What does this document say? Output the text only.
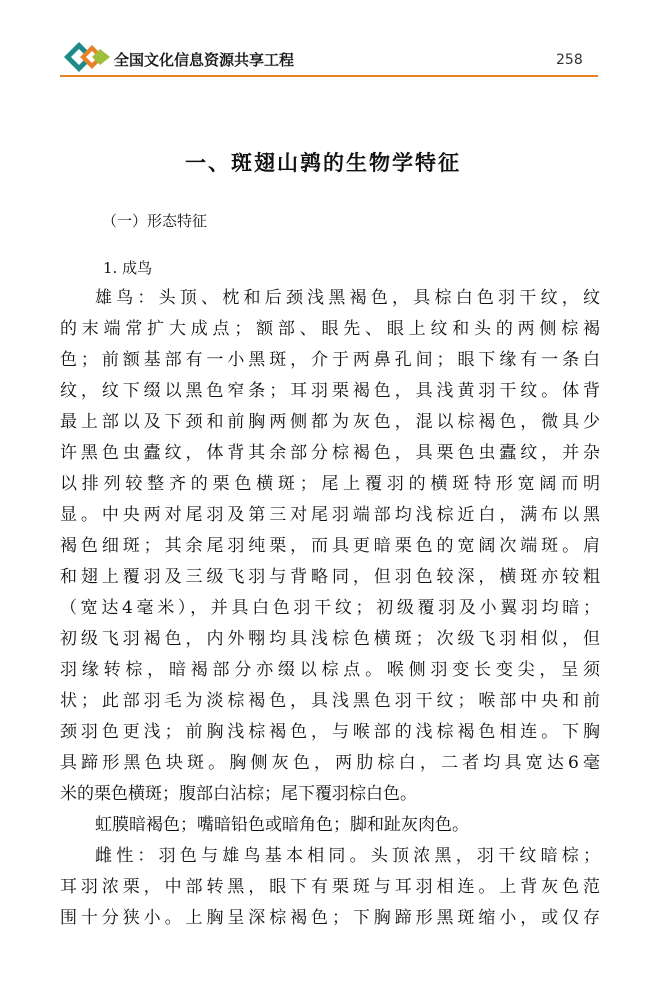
全国文化信息资源共享工程	258
一、斑翅山鹑的生物学特征
（一）形态特征
1. 成鸟
雄鸟：头顶、枕和后颈浅黑褐色，具棕白色羽干纹，纹
的末端常扩大成点；额部、眼先、眼上纹和头的两侧棕褐
色；前额基部有一小黑斑，介于两鼻孔间；眼下缘有一条白
纹，纹下缀以黑色窄条；耳羽栗褐色，具浅黄羽干纹。体背
最上部以及下颈和前胸两侧都为灰色，混以棕褐色，微具少
许黑色虫蠹纹，体背其余部分棕褐色，具栗色虫蠹纹，并杂
以排列较整齐的栗色横斑；尾上覆羽的横斑特形宽阔而明
显。中央两对尾羽及第三对尾羽端部均浅棕近白，满布以黑
褐色细斑；其余尾羽纯栗，而具更暗栗色的宽阔次端斑。肩
和翅上覆羽及三级飞羽与背略同，但羽色较深，横斑亦较粗
（宽达4毫米），并具白色羽干纹；初级覆羽及小翼羽均暗；
初级飞羽褐色，内外翈均具浅棕色横斑；次级飞羽相似，但
羽缘转棕，暗褐部分亦缀以棕点。喉侧羽变长变尖，呈须
状；此部羽毛为淡棕褐色，具浅黑色羽干纹；喉部中央和前
颈羽色更浅；前胸浅棕褐色，与喉部的浅棕褐色相连。下胸
具蹄形黑色块斑。胸侧灰色，两肋棕白，二者均具宽达6毫
米的栗色横斑；腹部白沾棕；尾下覆羽棕白色。
虹膜暗褐色；嘴暗铅色或暗角色；脚和趾灰肉色。
雌性：羽色与雄鸟基本相同。头顶浓黑，羽干纹暗棕；
耳羽浓栗，中部转黑，眼下有栗斑与耳羽相连。上背灰色范
围十分狭小。上胸呈深棕褐色；下胸蹄形黑斑缩小，或仅存
